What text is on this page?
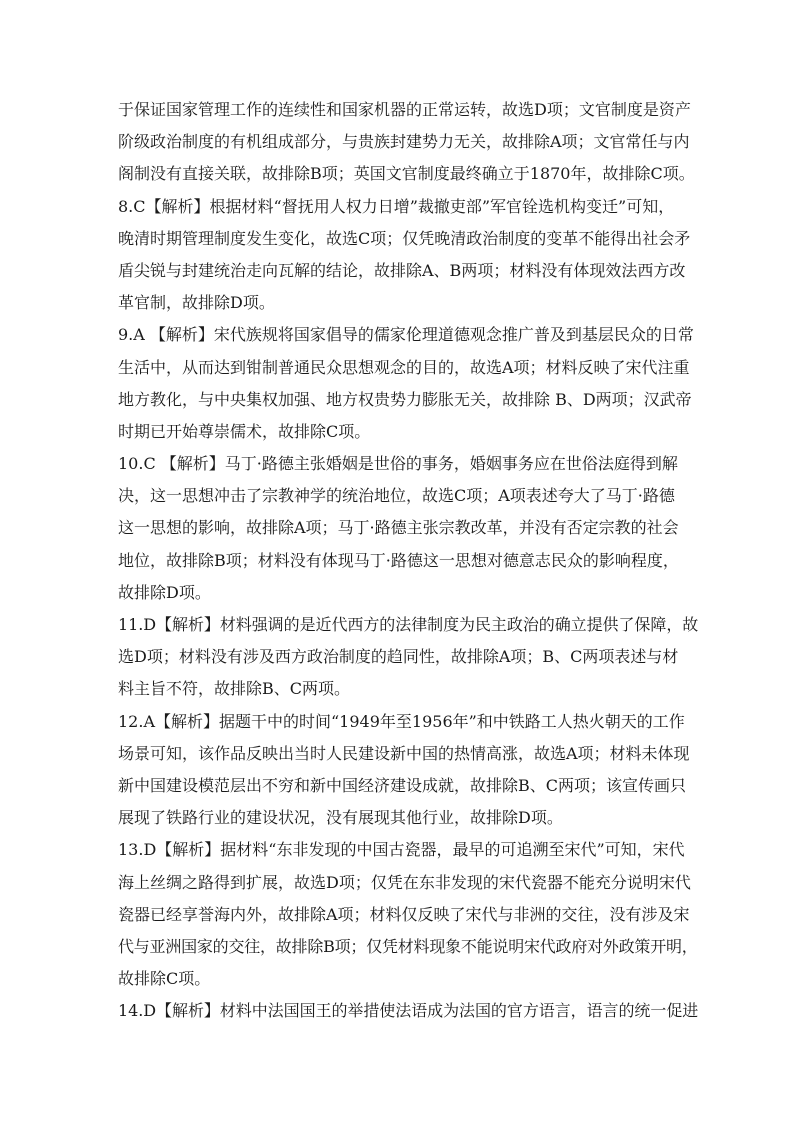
于保证国家管理工作的连续性和国家机器的正常运转，故选D项；文官制度是资产
阶级政治制度的有机组成部分，与贵族封建势力无关，故排除A项；文官常任与内
阁制没有直接关联，故排除B项；英国文官制度最终确立于1870年，故排除C项。
8.C【解析】根据材料“督抚用人权力日增”裁撤吏部”军官铨选机构变迁”可知，
晚清时期管理制度发生变化，故选C项；仅凭晚清政治制度的变革不能得出社会矛
盾尖锐与封建统治走向瓦解的结论，故排除A、B两项；材料没有体现效法西方改
革官制，故排除D项。
9.A 【解析】宋代族规将国家倡导的儒家伦理道德观念推广普及到基层民众的日常
生活中，从而达到钳制普通民众思想观念的目的，故选A项；材料反映了宋代注重
地方教化，与中央集权加强、地方权贵势力膨胀无关，故排除 B、D两项；汉武帝
时期已开始尊崇儒术，故排除C项。
10.C 【解析】马丁·路德主张婚姻是世俗的事务，婚姻事务应在世俗法庭得到解
决，这一思想冲击了宗教神学的统治地位，故选C项；A项表述夸大了马丁·路德
这一思想的影响，故排除A项；马丁·路德主张宗教改革，并没有否定宗教的社会
地位，故排除B项；材料没有体现马丁·路德这一思想对德意志民众的影响程度，
故排除D项。
11.D【解析】材料强调的是近代西方的法律制度为民主政治的确立提供了保障，故
选D项；材料没有涉及西方政治制度的趋同性，故排除A项；B、C两项表述与材
料主旨不符，故排除B、C两项。
12.A【解析】据题干中的时间“1949年至1956年”和中铁路工人热火朝天的工作
场景可知，该作品反映出当时人民建设新中国的热情高涨，故选A项；材料未体现
新中国建设模范层出不穷和新中国经济建设成就，故排除B、C两项；该宣传画只
展现了铁路行业的建设状况，没有展现其他行业，故排除D项。
13.D【解析】据材料“东非发现的中国古瓷器，最早的可追溯至宋代”可知，宋代
海上丝绸之路得到扩展，故选D项；仅凭在东非发现的宋代瓷器不能充分说明宋代
瓷器已经享誉海内外，故排除A项；材料仅反映了宋代与非洲的交往，没有涉及宋
代与亚洲国家的交往，故排除B项；仅凭材料现象不能说明宋代政府对外政策开明，
故排除C项。
14.D【解析】材料中法国国王的举措使法语成为法国的官方语言，语言的统一促进
